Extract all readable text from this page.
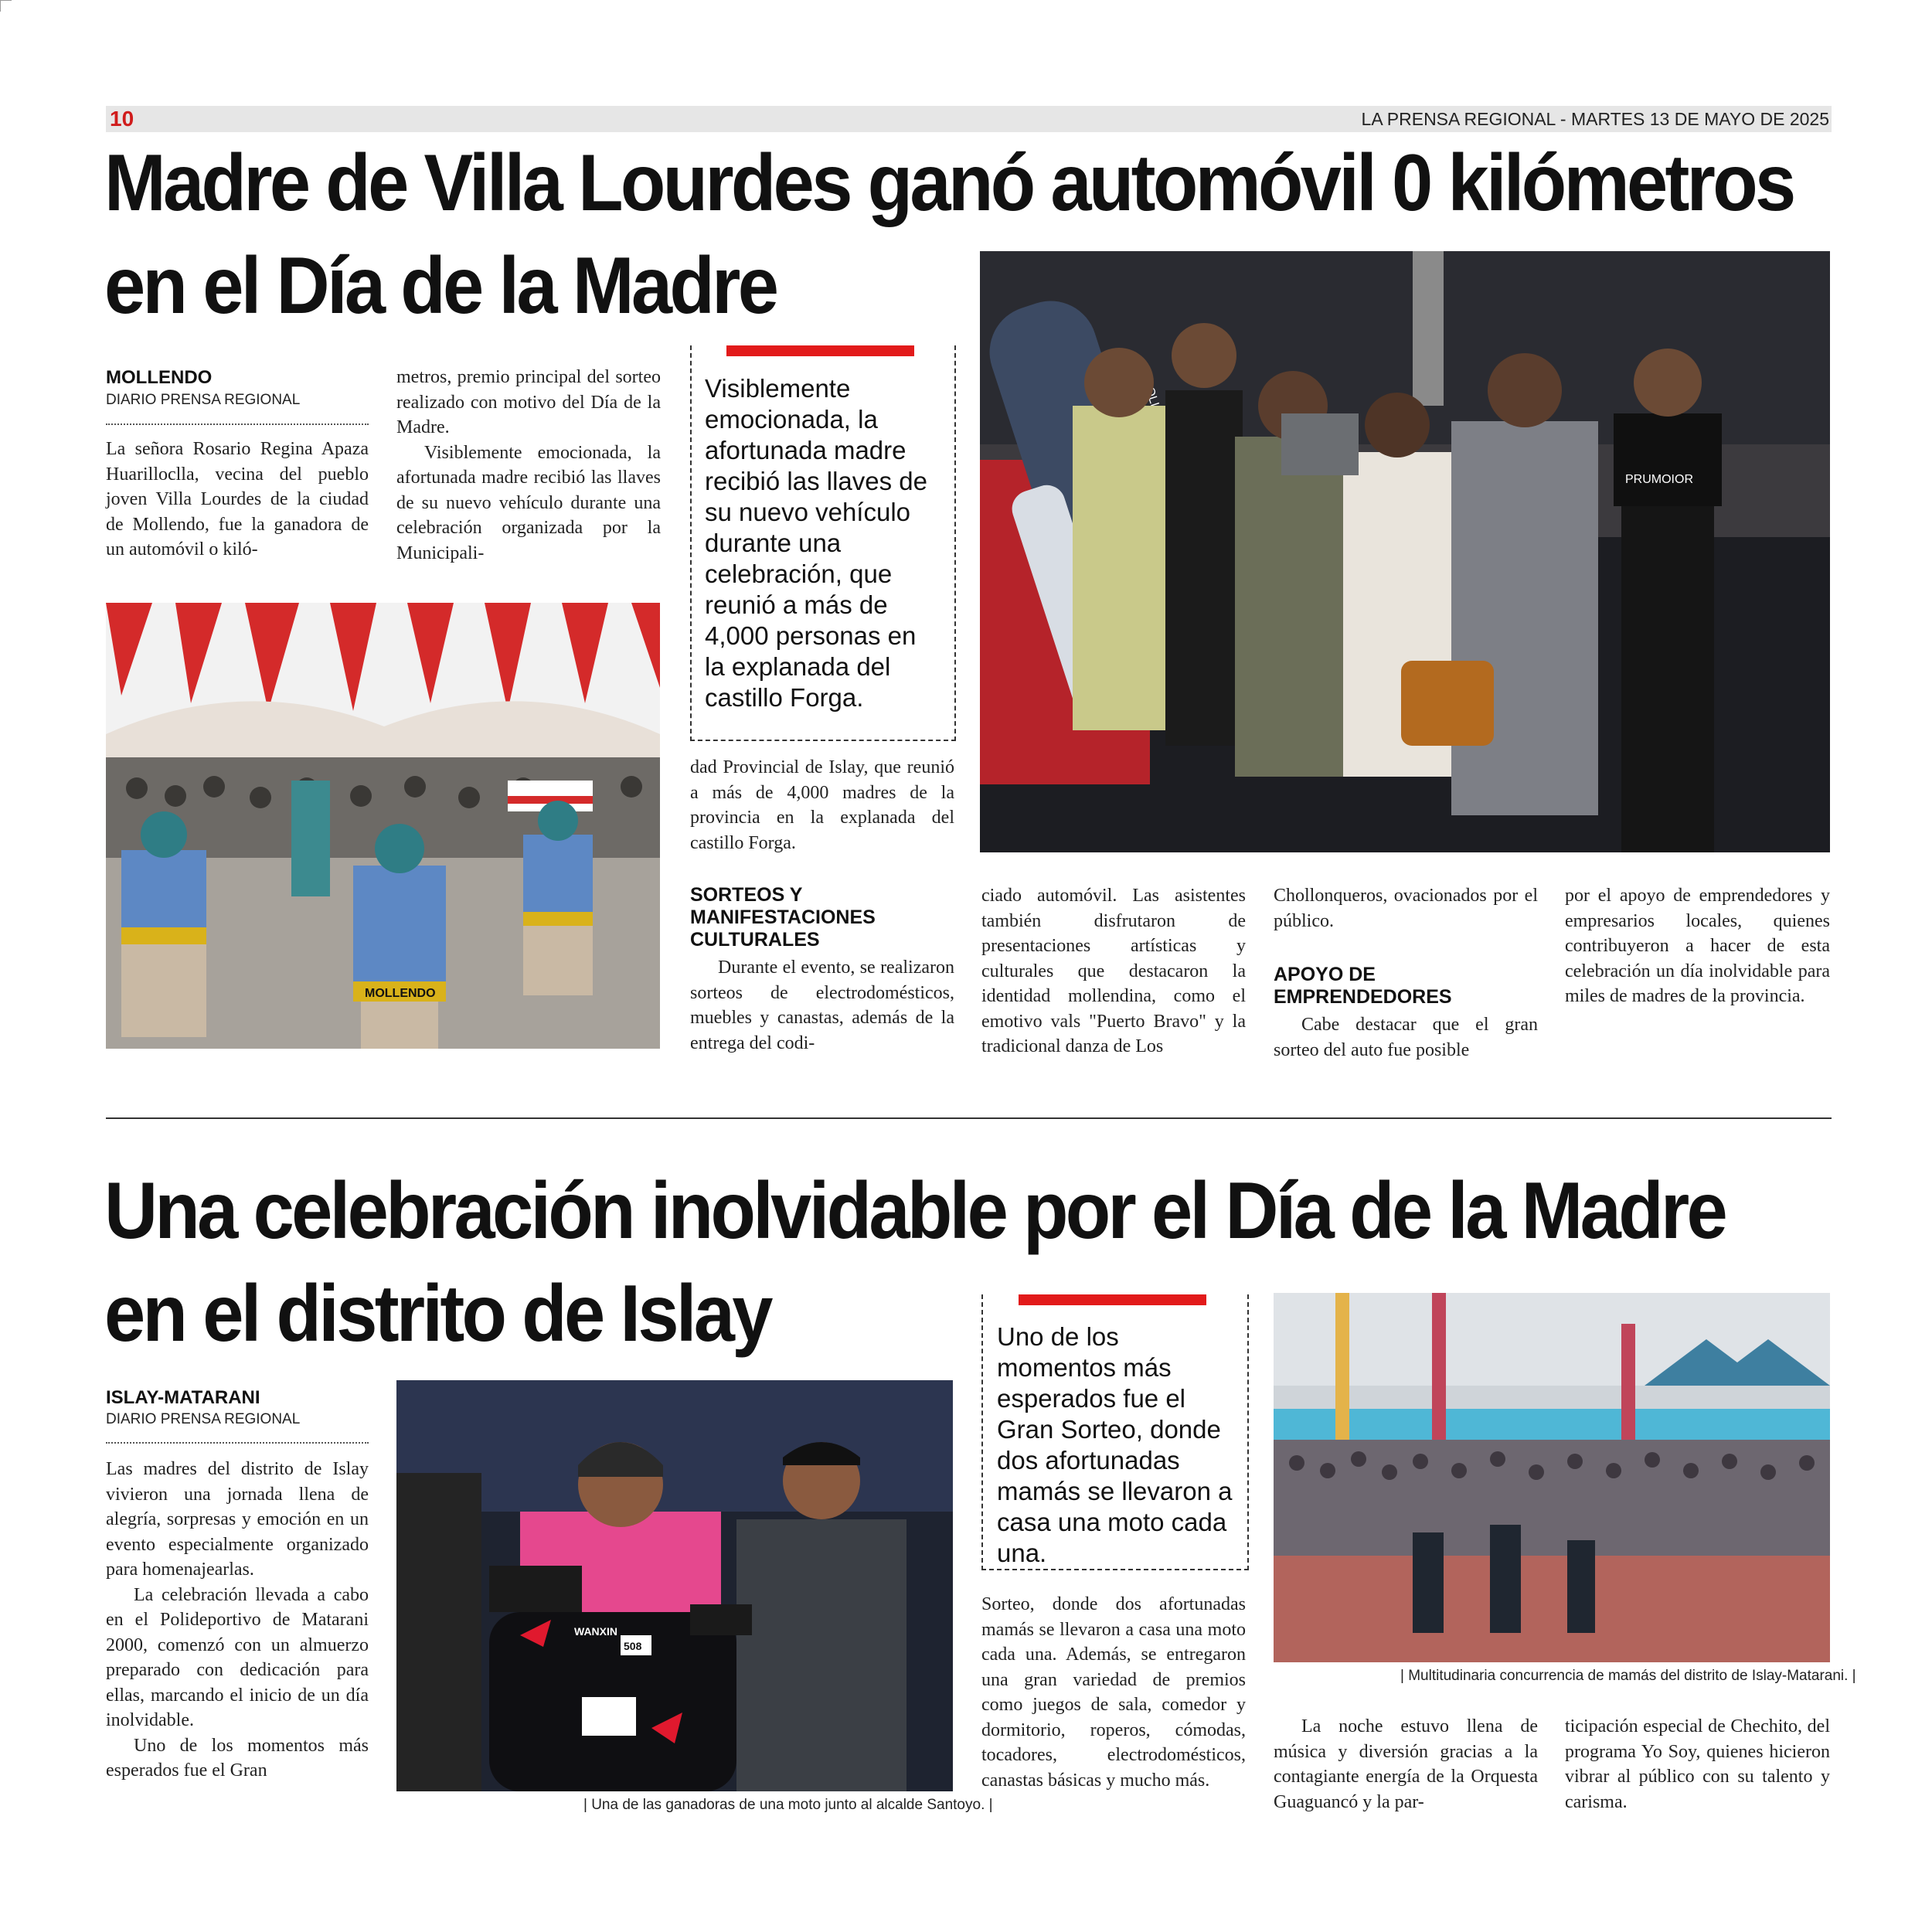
10	LA PRENSA REGIONAL - MARTES 13 DE MAYO DE 2025
Madre de Villa Lourdes ganó automóvil 0 kilómetros
en el Día de la Madre
MOLLENDO
DIARIO PRENSA REGIONAL

La señora Rosario Regina Apaza Huarilloclla, vecina del pueblo joven Villa Lourdes de la ciudad de Mollendo, fue la ganadora de un automóvil o kiló-

metros, premio principal del sorteo realizado con motivo del Día de la Madre.

Visiblemente emocionada, la afortunada madre recibió las llaves de su nuevo vehículo durante una celebración organizada por la Municipali-

MOLLENDO
Visiblemente emocionada, la afortunada madre recibió las llaves de su nuevo vehículo durante una celebración, que reunió a más de 4,000 personas en la explanada del castillo Forga.

dad Provincial de Islay, que reunió a más de 4,000 madres de la provincia en la explanada del castillo Forga.

SORTEOS Y MANIFESTACIONES CULTURALES

Durante el evento, se realizaron sorteos de electrodomésticos, muebles y canastas, además de la entrega del codi-

PRUMOIOR

ciado automóvil. Las asistentes también disfrutaron de presentaciones artísticas y culturales que destacaron la identidad mollendina, como el emotivo vals "Puerto Bravo" y la tradicional danza de Los

Chollonqueros, ovacionados por el público.

APOYO DE EMPRENDEDORES

Cabe destacar que el gran sorteo del auto fue posible

por el apoyo de emprendedores y empresarios locales, quienes contribuyeron a hacer de esta celebración un día inolvidable para miles de madres de la provincia.

Una celebración inolvidable por el Día de la Madre
en el distrito de Islay
ISLAY-MATARANI
DIARIO PRENSA REGIONAL

Las madres del distrito de Islay vivieron una jornada llena de alegría, sorpresas y emoción en un evento especialmente organizado para homenajearlas.

La celebración llevada a cabo en el Polideportivo de Matarani 2000, comenzó con un almuerzo preparado con dedicación para ellas, marcando el inicio de un día inolvidable.

Uno de los momentos más esperados fue el Gran

WANXIN
508
| Una de las ganadoras de una moto junto al alcalde Santoyo. |
Uno de los momentos más esperados fue el Gran Sorteo, donde dos afortunadas mamás se llevaron a casa una moto cada una.

Sorteo, donde dos afortunadas mamás se llevaron a casa una moto cada una. Además, se entregaron una gran variedad de premios como juegos de sala, comedor y dormitorio, roperos, cómodas, tocadores, electrodomésticos, canastas básicas y mucho más.

| Multitudinaria concurrencia de mamás del distrito de Islay-Matarani. |

La noche estuvo llena de música y diversión gracias a la contagiante energía de la Orquesta Guaguancó y la par-

ticipación especial de Chechito, del programa Yo Soy, quienes hicieron vibrar al público con su talento y carisma.
